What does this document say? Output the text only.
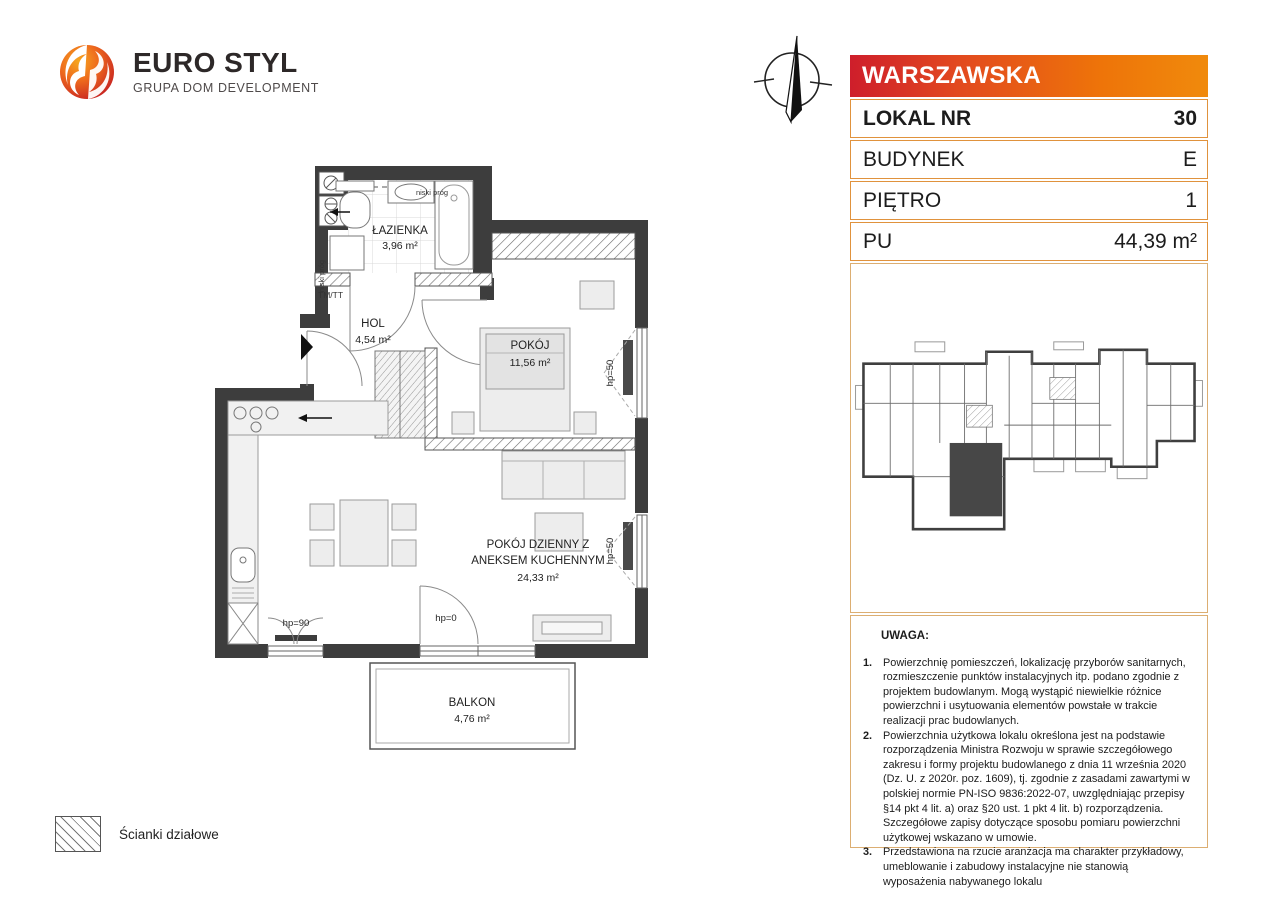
EURO STYL
GRUPA DOM DEVELOPMENT
ŁAZIENKA
3,96 m²
HOL
4,54 m²	POKÓJ
11,56 m²
POKÓJ DZIENNY Z
ANEKSEM KUCHENNYM
24,33 m²
BALKON
4,76 m²
TM/TT
niski próg
niski próg
hp=50
hp=50
hp=90	hp=0
Ścianki działowe
WARSZAWSKA
LOKAL NR	30
BUDYNEK	E
PIĘTRO	1
PU	44,39 m²
UWAGA:
1.	Powierzchnię pomieszczeń, lokalizację przyborów sanitarnych, rozmieszczenie punktów instalacyjnych itp. podano zgodnie z projektem budowlanym. Mogą wystąpić niewielkie różnice powierzchni i usytuowania elementów powstałe w trakcie realizacji prac budowlanych.
2.	Powierzchnia użytkowa lokalu określona jest na podstawie rozporządzenia Ministra Rozwoju w sprawie szczegółowego zakresu i formy projektu budowlanego z dnia 11 września 2020 (Dz. U. z 2020r. poz. 1609), tj. zgodnie z zasadami zawartymi w polskiej normie PN-ISO 9836:2022-07, uwzględniając przepisy §14 pkt 4 lit. a) oraz §20 ust. 1 pkt 4 lit. b) rozporządzenia. Szczegółowe zapisy dotyczące sposobu pomiaru powierzchni użytkowej wskazano w umowie.
3.	Przedstawiona na rzucie aranżacja ma charakter przykładowy, umeblowanie i zabudowy instalacyjne nie stanowią wyposażenia nabywanego lokalu
